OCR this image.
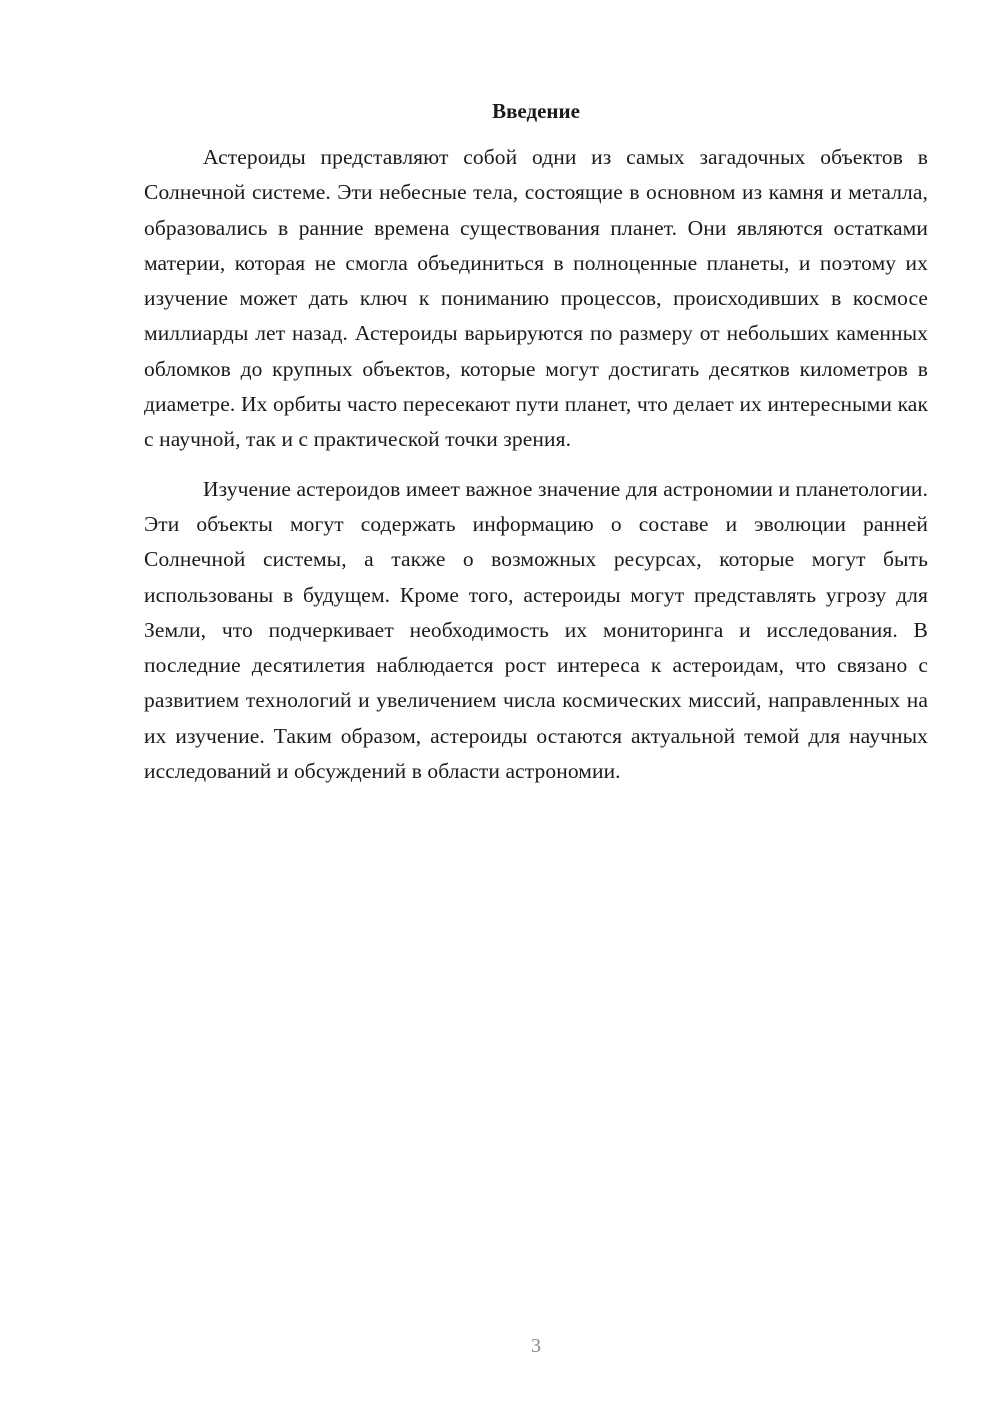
Введение

Астероиды представляют собой одни из самых загадочных объектов в Солнечной системе. Эти небесные тела, состоящие в основном из камня и металла, образовались в ранние времена существования планет. Они являются остатками материи, которая не смогла объединиться в полноценные планеты, и поэтому их изучение может дать ключ к пониманию процессов, происходивших в космосе миллиарды лет назад. Астероиды варьируются по размеру от небольших каменных обломков до крупных объектов, которые могут достигать десятков километров в диаметре. Их орбиты часто пересекают пути планет, что делает их интересными как с научной, так и с практической точки зрения.

Изучение астероидов имеет важное значение для астрономии и планетологии. Эти объекты могут содержать информацию о составе и эволюции ранней Солнечной системы, а также о возможных ресурсах, которые могут быть использованы в будущем. Кроме того, астероиды могут представлять угрозу для Земли, что подчеркивает необходимость их мониторинга и исследования. В последние десятилетия наблюдается рост интереса к астероидам, что связано с развитием технологий и увеличением числа космических миссий, направленных на их изучение. Таким образом, астероиды остаются актуальной темой для научных исследований и обсуждений в области астрономии.

3
